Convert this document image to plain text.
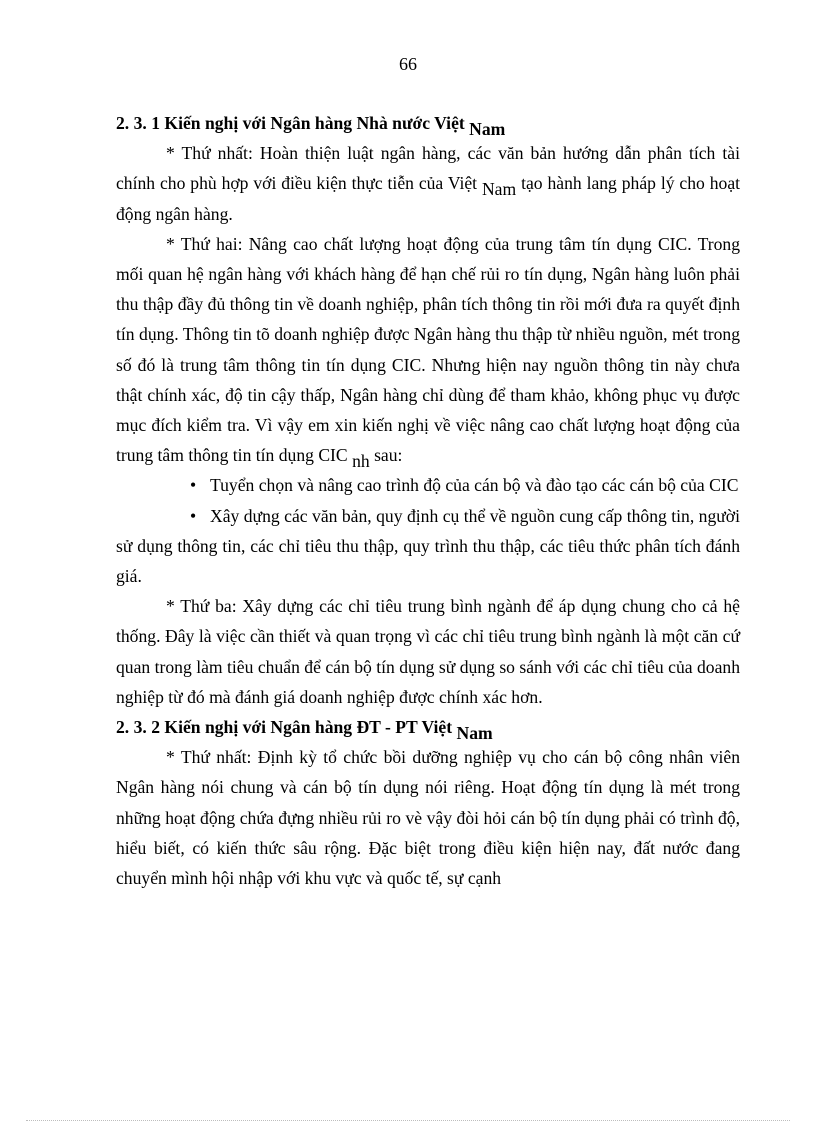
66

2. 3. 1 Kiến nghị với Ngân hàng Nhà nước Việt Nam

* Thứ nhất: Hoàn thiện luật ngân hàng, các văn bản hướng dẫn phân tích tài chính cho phù hợp với điều kiện thực tiễn của Việt Nam tạo hành lang pháp lý cho hoạt động ngân hàng.

* Thứ hai: Nâng cao chất lượng hoạt động của trung tâm tín dụng CIC. Trong mối quan hệ ngân hàng với khách hàng để hạn chế rủi ro tín dụng, Ngân hàng luôn phải thu thập đầy đủ thông tin về doanh nghiệp, phân tích thông tin rồi mới đưa ra quyết định tín dụng. Thông tin tõ doanh nghiệp được Ngân hàng thu thập từ nhiều nguồn, mét trong số đó là trung tâm thông tin tín dụng CIC. Nhưng hiện nay nguồn thông tin này chưa thật chính xác, độ tin cậy thấp, Ngân hàng chỉ dùng để tham khảo, không phục vụ được mục đích kiểm tra. Vì vậy em xin kiến nghị về việc nâng cao chất lượng hoạt động của trung tâm thông tin tín dụng CIC nh sau:

• Tuyển chọn và nâng cao trình độ của cán bộ và đào tạo các cán bộ của CIC

• Xây dựng các văn bản, quy định cụ thể về nguồn cung cấp thông tin, người sử dụng thông tin, các chỉ tiêu thu thập, quy trình thu thập, các tiêu thức phân tích đánh giá.

* Thứ ba: Xây dựng các chỉ tiêu trung bình ngành để áp dụng chung cho cả hệ thống. Đây là việc cần thiết và quan trọng vì các chỉ tiêu trung bình ngành là một căn cứ quan trong làm tiêu chuẩn để cán bộ tín dụng sử dụng so sánh với các chỉ tiêu của doanh nghiệp từ đó mà đánh giá doanh nghiệp được chính xác hơn.

2. 3. 2 Kiến nghị với Ngân hàng ĐT - PT Việt Nam

* Thứ nhất: Định kỳ tổ chức bồi dưỡng nghiệp vụ cho cán bộ công nhân viên Ngân hàng nói chung và cán bộ tín dụng nói riêng. Hoạt động tín dụng là mét trong những hoạt động chứa đựng nhiều rủi ro vè vậy đòi hỏi cán bộ tín dụng phải có trình độ, hiểu biết, có kiến thức sâu rộng. Đặc biệt trong điều kiện hiện nay, đất nước đang chuyển mình hội nhập với khu vực và quốc tế, sự cạnh
